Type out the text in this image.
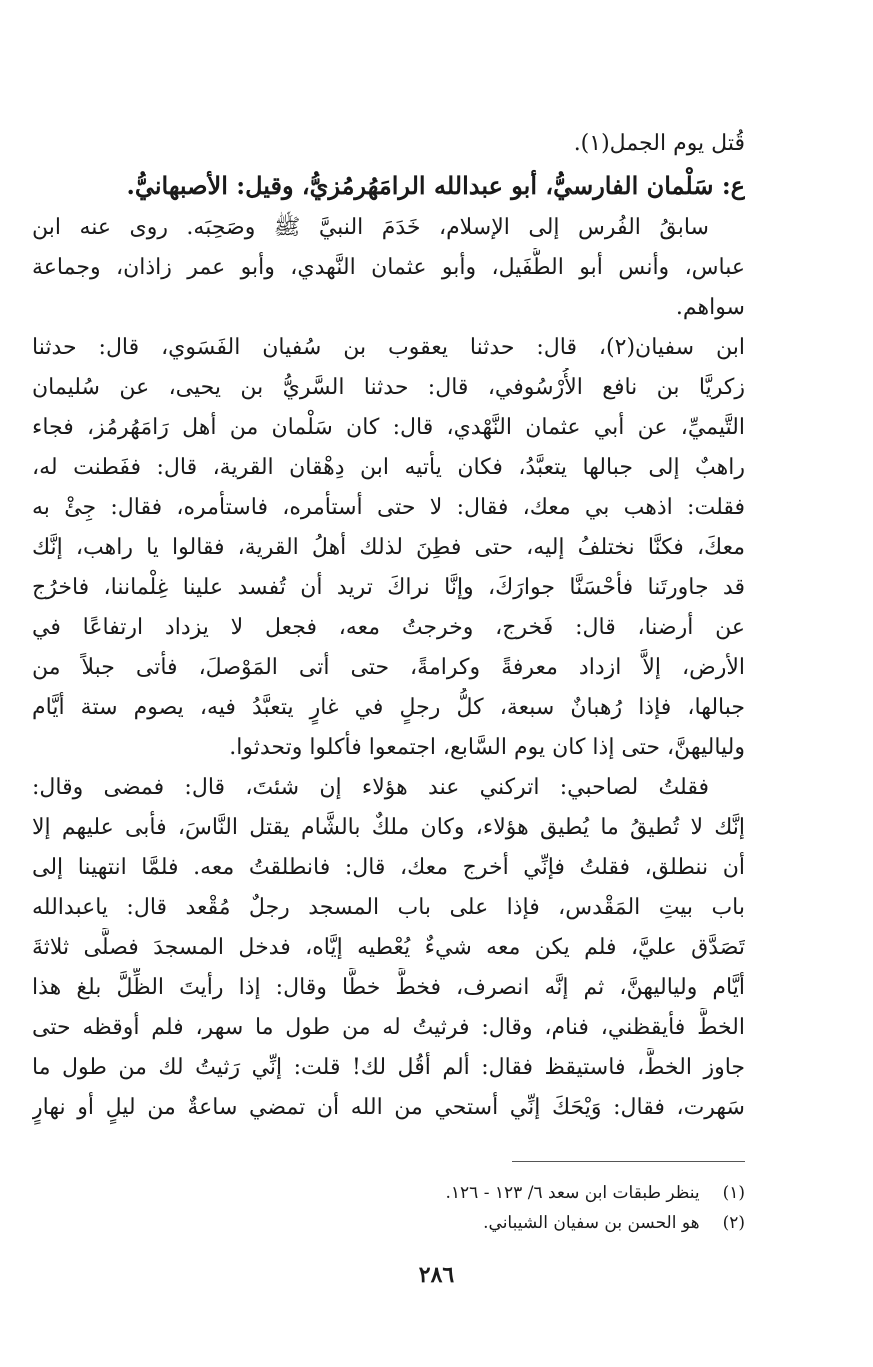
قُتل يوم الجمل(١).
ع: سَلْمان الفارسيُّ، أبو عبدالله الرامَهُرمُزيُّ، وقيل: الأصبهانيُّ.
سابقُ الفُرس إلى الإسلام، خَدَمَ النبيَّ ﷺ وصَحِبَه. روى عنه ابن
عباس، وأنس أبو الطُّفَيل، وأبو عثمان النَّهدي، وأبو عمر زاذان، وجماعة
سواهم.
ابن سفيان(٢)، قال: حدثنا يعقوب بن سُفيان الفَسَوي، قال: حدثنا
زكريَّا بن نافع الأُرْسُوفي، قال: حدثنا السَّريُّ بن يحيى، عن سُليمان
التَّيميِّ، عن أبي عثمان النَّهْدي، قال: كان سَلْمان من أهل رَامَهُرمُز، فجاء
راهبٌ إلى جبالها يتعبَّدُ، فكان يأتيه ابن دِهْقان القرية، قال: ففَطنت له،
فقلت: اذهب بي معك، فقال: لا حتى أستأمره، فاستأمره، فقال: جِئْ به
معكَ، فكنَّا نختلفُ إليه، حتى فطِنَ لذلك أهلُ القرية، فقالوا يا راهب، إنَّك
قد جاورتَنا فأحْسَنَّا جوارَكَ، وإنَّا نراكَ تريد أن تُفسد علينا غِلْماننا، فاخرُج
عن أرضنا، قال: فَخرج، وخرجتُ معه، فجعل لا يزداد ارتفاعًا في
الأرض، إلاَّ ازداد معرفةً وكرامةً، حتى أتى المَوْصلَ، فأتى جبلاً من
جبالها، فإذا رُهبانٌ سبعة، كلُّ رجلٍ في غارٍ يتعبَّدُ فيه، يصوم ستة أيَّام
ولياليهنَّ، حتى إذا كان يوم السَّابع، اجتمعوا فأكلوا وتحدثوا.
فقلتُ لصاحبي: اتركني عند هؤلاء إن شئتَ، قال: فمضى وقال:
إنَّك لا تُطيقُ ما يُطيق هؤلاء، وكان ملكٌ بالشَّام يقتل النَّاسَ، فأبى عليهم إلا
أن ننطلق، فقلتُ فإنِّي أخرج معك، قال: فانطلقتُ معه. فلمَّا انتهينا إلى
باب بيتِ المَقْدس، فإذا على باب المسجد رجلٌ مُقْعد قال: ياعبدالله
تَصَدَّق عليَّ، فلم يكن معه شيءٌ يُعْطيه إيَّاه، فدخل المسجدَ فصلَّى ثلاثةَ
أيَّام ولياليهنَّ، ثم إنَّه انصرف، فخطَّ خطًّا وقال: إذا رأيتَ الظِّلَّ بلغ هذا
الخطَّ فأيقظني، فنام، وقال: فرثيتُ له من طول ما سهر، فلم أوقظه حتى
جاوز الخطَّ، فاستيقظ فقال: ألم أقُل لك! قلت: إنِّي رَثيتُ لك من طول ما
سَهرت، فقال: وَيْحَكَ إنِّي أستحي من الله أن تمضي ساعةٌ من ليلٍ أو نهارٍ
(١) ينظر طبقات ابن سعد ٦/ ١٢٣ - ١٢٦.
(٢) هو الحسن بن سفيان الشيباني.
٢٨٦
